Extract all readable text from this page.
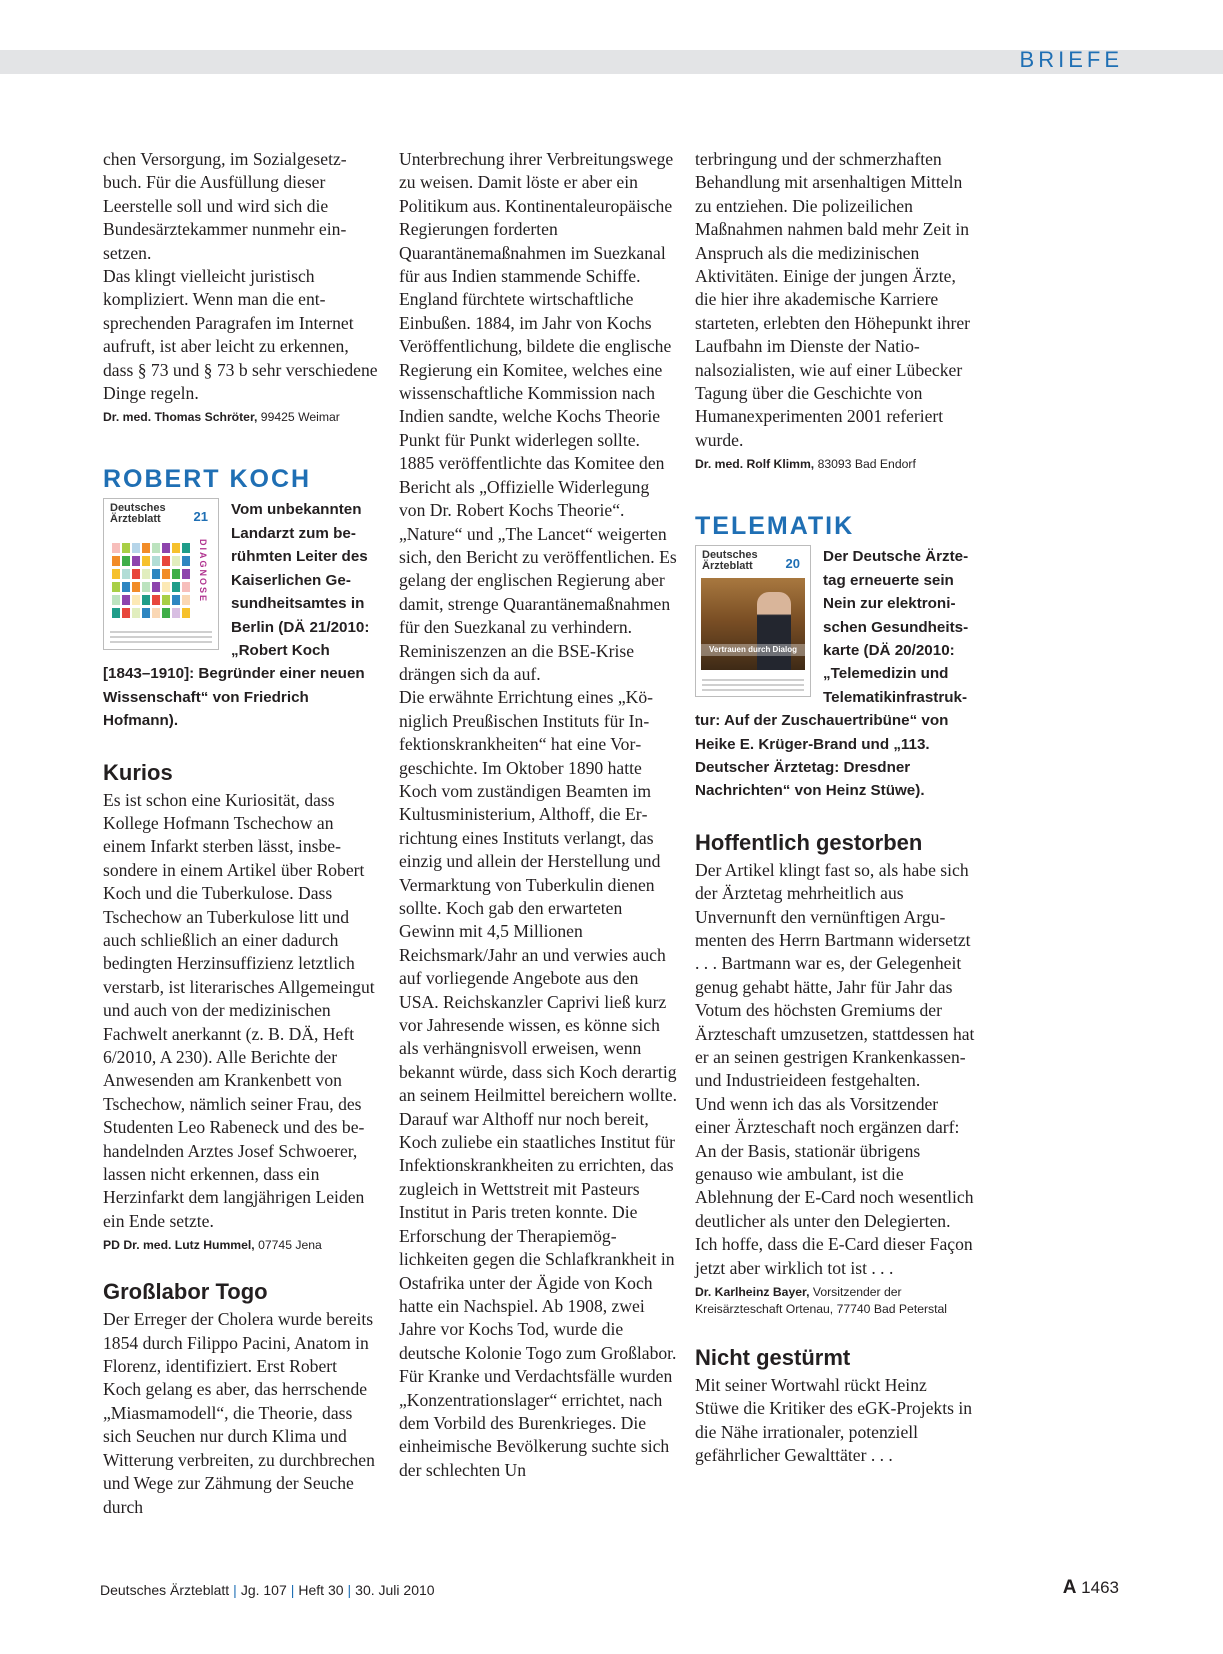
BRIEFE

chen Versorgung, im Sozialgesetzbuch. Für die Ausfüllung dieser Leerstelle soll und wird sich die Bundesärztekammer nunmehr einsetzen.

Das klingt vielleicht juristisch kompliziert. Wenn man die entsprechenden Paragrafen im Internet aufruft, ist aber leicht zu erkennen, dass § 73 und § 73 b sehr verschiedene Dinge regeln.

Dr. med. Thomas Schröter, 99425 Weimar

ROBERT KOCH
Deutsches
Ärzteblatt	21
DIAGNOSE
Vom unbekannten Landarzt zum berühmten Leiter des Kaiserlichen Gesundheitsamtes in Berlin (DÄ 21/2010: „Robert Koch [1843–1910]: Begründer einer neuen Wissenschaft“ von Friedrich Hofmann).
Kurios

Es ist schon eine Kuriosität, dass Kollege Hofmann Tschechow an einem Infarkt sterben lässt, insbesondere in einem Artikel über Robert Koch und die Tuberkulose. Dass Tschechow an Tuberkulose litt und auch schließlich an einer dadurch bedingten Herzinsuffizienz letztlich verstarb, ist literarisches Allgemeingut und auch von der medizinischen Fachwelt anerkannt (z. B. DÄ, Heft 6/2010, A 230). Alle Berichte der Anwesenden am Krankenbett von Tschechow, nämlich seiner Frau, des Studenten Leo Rabeneck und des behandelnden Arztes Josef Schwoerer, lassen nicht erkennen, dass ein Herzinfarkt dem langjährigen Leiden ein Ende setzte.

PD Dr. med. Lutz Hummel, 07745 Jena

Großlabor Togo

Der Erreger der Cholera wurde bereits 1854 durch Filippo Pacini, Anatom in Florenz, identifiziert. Erst Robert Koch gelang es aber, das herrschende „Miasmamodell“, die Theorie, dass sich Seuchen nur durch Klima und Witterung verbreiten, zu durchbrechen und Wege zur Zähmung der Seuche durch

Unterbrechung ihrer Verbreitungswege zu weisen. Damit löste er aber ein Politikum aus. Kontinentaleuropäische Regierungen forderten Quarantänemaßnahmen im Suezkanal für aus Indien stammende Schiffe. England fürchtete wirtschaftliche Einbußen. 1884, im Jahr von Kochs Veröffentlichung, bildete die englische Regierung ein Komitee, welches eine wissenschaftliche Kommission nach Indien sandte, welche Kochs Theorie Punkt für Punkt widerlegen sollte. 1885 veröffentlichte das Komitee den Bericht als „Offizielle Widerlegung von Dr. Robert Kochs Theorie“. „Nature“ und „The Lancet“ weigerten sich, den Bericht zu veröffentlichen. Es gelang der englischen Regierung aber damit, strenge Quarantänemaßnahmen für den Suezkanal zu verhindern. Reminiszenzen an die BSE-Krise drängen sich da auf.

Die erwähnte Errichtung eines „Königlich Preußischen Instituts für Infektionskrankheiten“ hat eine Vorgeschichte. Im Oktober 1890 hatte Koch vom zuständigen Beamten im Kultusministerium, Althoff, die Errichtung eines Instituts verlangt, das einzig und allein der Herstellung und Vermarktung von Tuberkulin dienen sollte. Koch gab den erwarteten Gewinn mit 4,5 Millionen Reichsmark/Jahr an und verwies auch auf vorliegende Angebote aus den USA. Reichskanzler Caprivi ließ kurz vor Jahresende wissen, es könne sich als verhängnisvoll erweisen, wenn bekannt würde, dass sich Koch derartig an seinem Heilmittel bereichern wollte. Darauf war Althoff nur noch bereit, Koch zuliebe ein staatliches Institut für Infektionskrankheiten zu errichten, das zugleich in Wettstreit mit Pasteurs Institut in Paris treten konnte. Die Erforschung der Therapiemöglichkeiten gegen die Schlafkrankheit in Ostafrika unter der Ägide von Koch hatte ein Nachspiel. Ab 1908, zwei Jahre vor Kochs Tod, wurde die deutsche Kolonie Togo zum Großlabor. Für Kranke und Verdachtsfälle wurden „Konzentrationslager“ errichtet, nach dem Vorbild des Burenkrieges. Die einheimische Bevölkerung suchte sich der schlechten Un

terbringung und der schmerzhaften Behandlung mit arsenhaltigen Mitteln zu entziehen. Die polizeilichen Maßnahmen nahmen bald mehr Zeit in Anspruch als die medizinischen Aktivitäten. Einige der jungen Ärzte, die hier ihre akademische Karriere starteten, erlebten den Höhepunkt ihrer Laufbahn im Dienste der Nationalsozialisten, wie auf einer Lübecker Tagung über die Geschichte von Humanexperimenten 2001 referiert wurde.

Dr. med. Rolf Klimm, 83093 Bad Endorf

TELEMATIK
Deutsches
Ärzteblatt	20
Vertrauen durch Dialog
Der Deutsche Ärztetag erneuerte sein Nein zur elektronischen Gesundheitskarte (DÄ 20/2010: „Telemedizin und Telematikinfrastruktur: Auf der Zuschauertribüne“ von Heike E. Krüger-Brand und „113. Deutscher Ärztetag: Dresdner Nachrichten“ von Heinz Stüwe).
Hoffentlich gestorben

Der Artikel klingt fast so, als habe sich der Ärztetag mehrheitlich aus Unvernunft den vernünftigen Argumenten des Herrn Bartmann widersetzt . . . Bartmann war es, der Gelegenheit genug gehabt hätte, Jahr für Jahr das Votum des höchsten Gremiums der Ärzteschaft umzusetzen, stattdessen hat er an seinen gestrigen Krankenkassen- und Industrieideen festgehalten.

Und wenn ich das als Vorsitzender einer Ärzteschaft noch ergänzen darf: An der Basis, stationär übrigens genauso wie ambulant, ist die Ablehnung der E-Card noch wesentlich deutlicher als unter den Delegierten. Ich hoffe, dass die E-Card dieser Façon jetzt aber wirklich tot ist . . .

Dr. Karlheinz Bayer, Vorsitzender der Kreisärzteschaft Ortenau, 77740 Bad Peterstal

Nicht gestürmt

Mit seiner Wortwahl rückt Heinz Stüwe die Kritiker des eGK-Projekts in die Nähe irrationaler, potenziell gefährlicher Gewalttäter . . .

Deutsches Ärzteblatt | Jg. 107 | Heft 30 | 30. Juli 2010	A 1463
